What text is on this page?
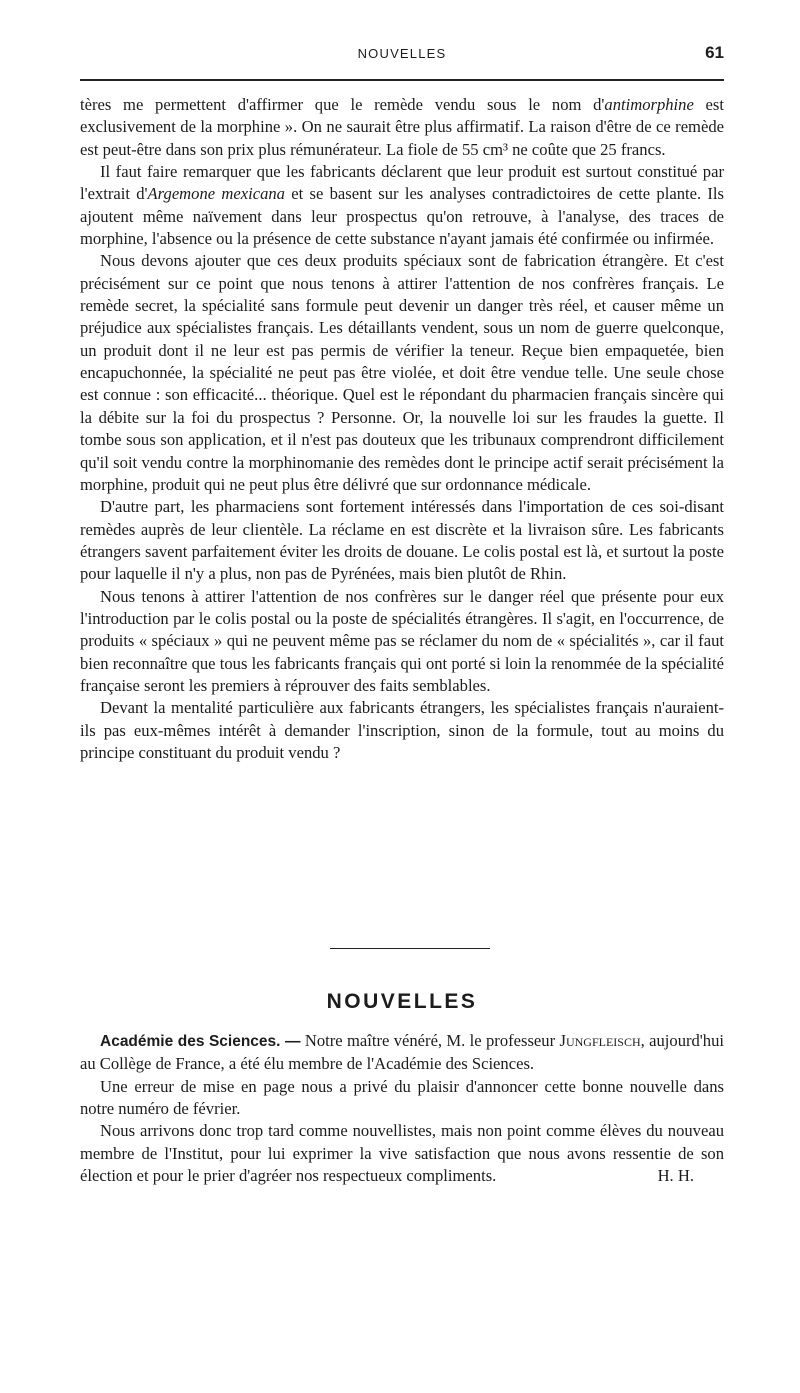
NOUVELLES	61

tères me permettent d'affirmer que le remède vendu sous le nom d'antimorphine est exclusivement de la morphine ». On ne saurait être plus affirmatif. La raison d'être de ce remède est peut-être dans son prix plus rémunérateur. La fiole de 55 cm³ ne coûte que 25 francs.

Il faut faire remarquer que les fabricants déclarent que leur produit est surtout constitué par l'extrait d'Argemone mexicana et se basent sur les analyses contradictoires de cette plante. Ils ajoutent même naïvement dans leur prospectus qu'on retrouve, à l'analyse, des traces de morphine, l'absence ou la présence de cette substance n'ayant jamais été confirmée ou infirmée.

Nous devons ajouter que ces deux produits spéciaux sont de fabrication étrangère. Et c'est précisément sur ce point que nous tenons à attirer l'attention de nos confrères français. Le remède secret, la spécialité sans formule peut devenir un danger très réel, et causer même un préjudice aux spécialistes français. Les détaillants vendent, sous un nom de guerre quelconque, un produit dont il ne leur est pas permis de vérifier la teneur. Reçue bien empaquetée, bien encapuchonnée, la spécialité ne peut pas être violée, et doit être vendue telle. Une seule chose est connue : son efficacité... théorique. Quel est le répondant du pharmacien français sincère qui la débite sur la foi du prospectus ? Personne. Or, la nouvelle loi sur les fraudes la guette. Il tombe sous son application, et il n'est pas douteux que les tribunaux comprendront difficilement qu'il soit vendu contre la morphinomanie des remèdes dont le principe actif serait précisément la morphine, produit qui ne peut plus être délivré que sur ordonnance médicale.

D'autre part, les pharmaciens sont fortement intéressés dans l'importation de ces soi-disant remèdes auprès de leur clientèle. La réclame en est discrète et la livraison sûre. Les fabricants étrangers savent parfaitement éviter les droits de douane. Le colis postal est là, et surtout la poste pour laquelle il n'y a plus, non pas de Pyrénées, mais bien plutôt de Rhin.

Nous tenons à attirer l'attention de nos confrères sur le danger réel que présente pour eux l'introduction par le colis postal ou la poste de spécialités étrangères. Il s'agit, en l'occurrence, de produits « spéciaux » qui ne peuvent même pas se réclamer du nom de « spécialités », car il faut bien reconnaître que tous les fabricants français qui ont porté si loin la renommée de la spécialité française seront les premiers à réprouver des faits semblables.

Devant la mentalité particulière aux fabricants étrangers, les spécialistes français n'auraient-ils pas eux-mêmes intérêt à demander l'inscription, sinon de la formule, tout au moins du principe constituant du produit vendu ?

NOUVELLES

Académie des Sciences. — Notre maître vénéré, M. le professeur Jungfleisch, aujourd'hui au Collège de France, a été élu membre de l'Académie des Sciences.

Une erreur de mise en page nous a privé du plaisir d'annoncer cette bonne nouvelle dans notre numéro de février.

Nous arrivons donc trop tard comme nouvellistes, mais non point comme élèves du nouveau membre de l'Institut, pour lui exprimer la vive satisfaction que nous avons ressentie de son élection et pour le prier d'agréer nos respectueux compliments.	H. H.
